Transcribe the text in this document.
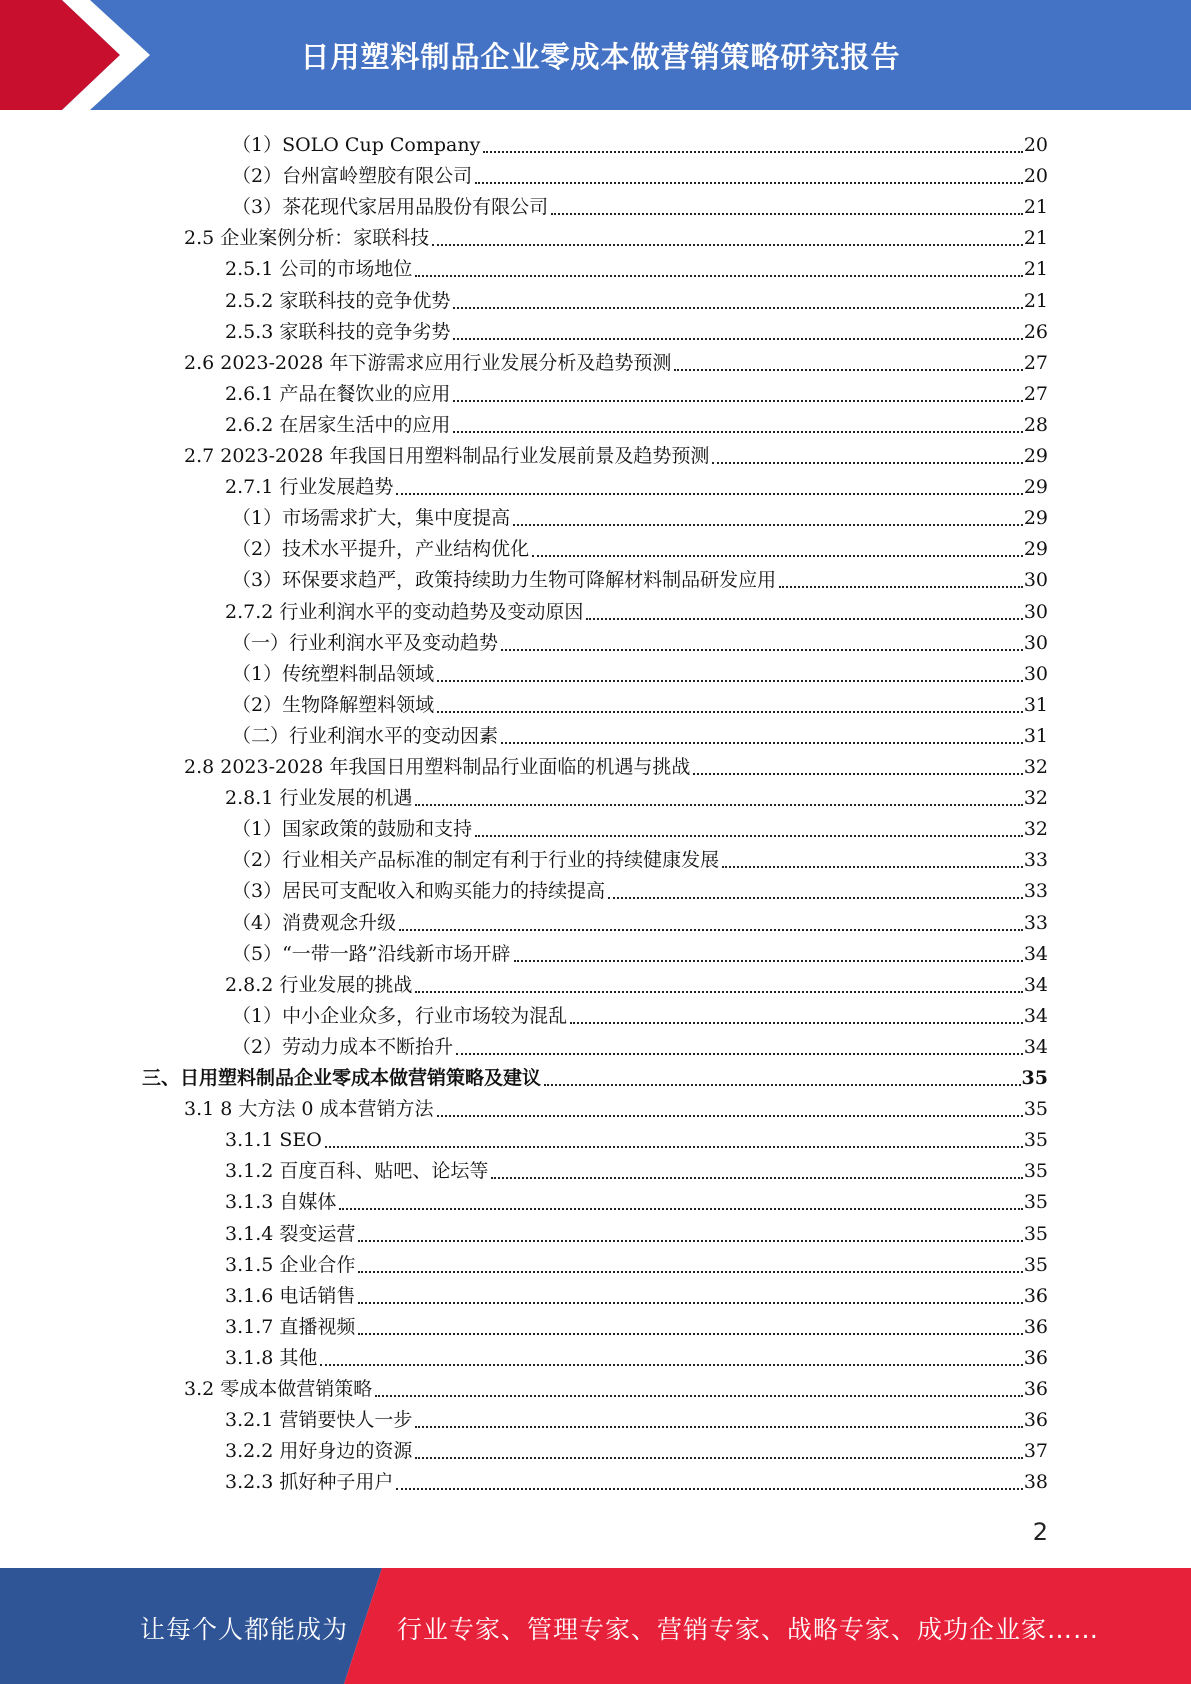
日用塑料制品企业零成本做营销策略研究报告
（1）SOLO Cup Company	20
（2）台州富岭塑胶有限公司	20
（3）茶花现代家居用品股份有限公司	21
2.5 企业案例分析：家联科技	21
2.5.1 公司的市场地位	21
2.5.2 家联科技的竞争优势	21
2.5.3 家联科技的竞争劣势	26
2.6 2023-2028 年下游需求应用行业发展分析及趋势预测	27
2.6.1 产品在餐饮业的应用	27
2.6.2 在居家生活中的应用	28
2.7 2023-2028 年我国日用塑料制品行业发展前景及趋势预测	29
2.7.1 行业发展趋势	29
（1）市场需求扩大，集中度提高	29
（2）技术水平提升，产业结构优化	29
（3）环保要求趋严，政策持续助力生物可降解材料制品研发应用	30
2.7.2 行业利润水平的变动趋势及变动原因	30
（一）行业利润水平及变动趋势	30
（1）传统塑料制品领域	30
（2）生物降解塑料领域	31
（二）行业利润水平的变动因素	31
2.8 2023-2028 年我国日用塑料制品行业面临的机遇与挑战	32
2.8.1 行业发展的机遇	32
（1）国家政策的鼓励和支持	32
（2）行业相关产品标准的制定有利于行业的持续健康发展	33
（3）居民可支配收入和购买能力的持续提高	33
（4）消费观念升级	33
（5）“一带一路”沿线新市场开辟	34
2.8.2 行业发展的挑战	34
（1）中小企业众多，行业市场较为混乱	34
（2）劳动力成本不断抬升	34
三、日用塑料制品企业零成本做营销策略及建议	35
3.1 8 大方法 0 成本营销方法	35
3.1.1 SEO	35
3.1.2 百度百科、贴吧、论坛等	35
3.1.3 自媒体	35
3.1.4 裂变运营	35
3.1.5 企业合作	35
3.1.6 电话销售	36
3.1.7 直播视频	36
3.1.8 其他	36
3.2 零成本做营销策略	36
3.2.1 营销要快人一步	36
3.2.2 用好身边的资源	37
3.2.3 抓好种子用户	38
2
让每个人都能成为 行业专家、管理专家、营销专家、战略专家、成功企业家……
